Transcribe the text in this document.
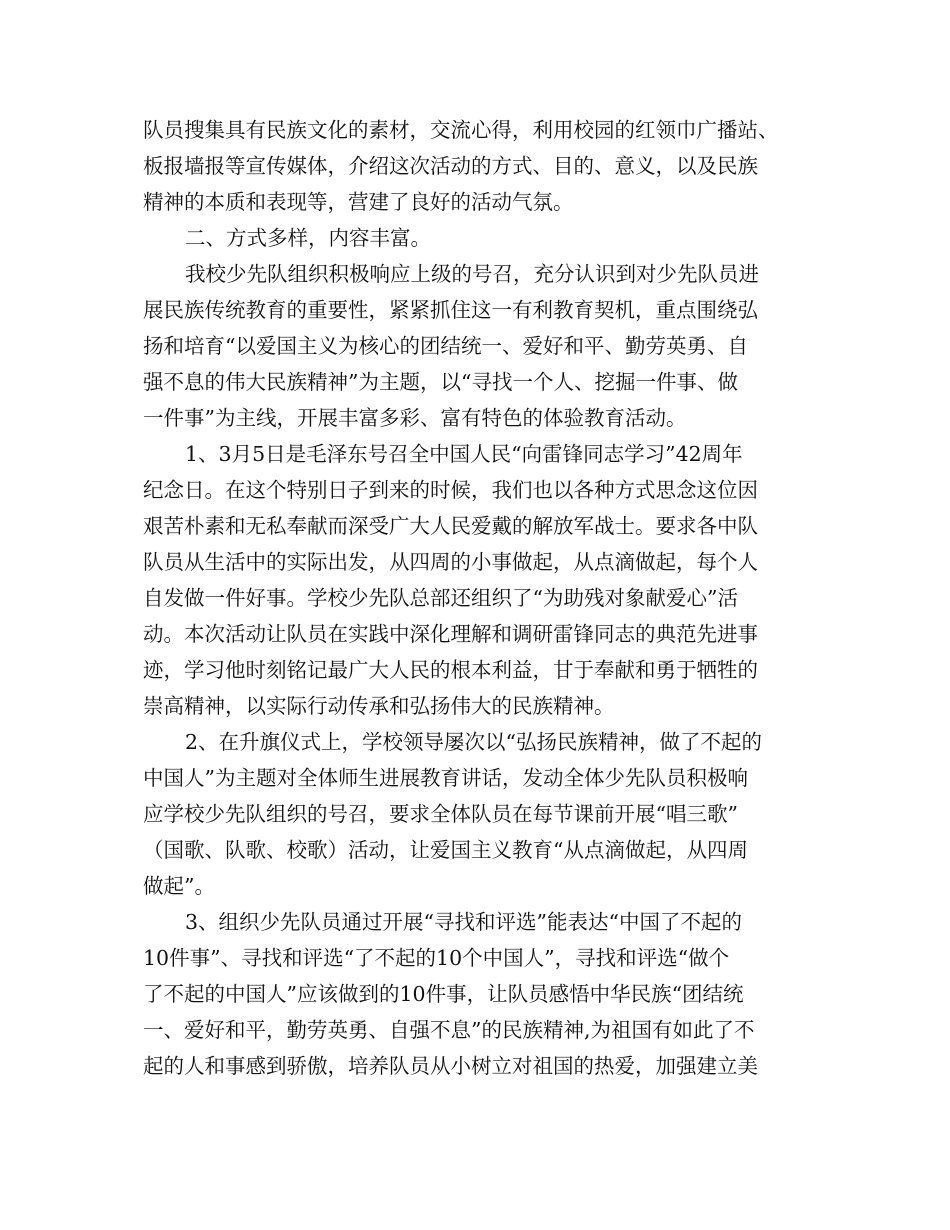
队员搜集具有民族文化的素材，交流心得，利用校园的红领巾广播站、
板报墙报等宣传媒体，介绍这次活动的方式、目的、意义，以及民族
精神的本质和表现等，营建了良好的活动气氛。
二、方式多样，内容丰富。
我校少先队组织积极响应上级的号召，充分认识到对少先队员进
展民族传统教育的重要性，紧紧抓住这一有利教育契机，重点围绕弘
扬和培育“以爱国主义为核心的团结统一、爱好和平、勤劳英勇、自
强不息的伟大民族精神”为主题，以“寻找一个人、挖掘一件事、做
一件事”为主线，开展丰富多彩、富有特色的体验教育活动。
1、3月5日是毛泽东号召全中国人民“向雷锋同志学习”42周年
纪念日。在这个特别日子到来的时候，我们也以各种方式思念这位因
艰苦朴素和无私奉献而深受广大人民爱戴的解放军战士。要求各中队
队员从生活中的实际出发，从四周的小事做起，从点滴做起，每个人
自发做一件好事。学校少先队总部还组织了“为助残对象献爱心”活
动。本次活动让队员在实践中深化理解和调研雷锋同志的典范先进事
迹，学习他时刻铭记最广大人民的根本利益，甘于奉献和勇于牺牲的
崇高精神，以实际行动传承和弘扬伟大的民族精神。
2、在升旗仪式上，学校领导屡次以“弘扬民族精神，做了不起的
中国人”为主题对全体师生进展教育讲话，发动全体少先队员积极响
应学校少先队组织的号召，要求全体队员在每节课前开展“唱三歌”
（国歌、队歌、校歌）活动，让爱国主义教育“从点滴做起，从四周
做起”。
3、组织少先队员通过开展“寻找和评选”能表达“中国了不起的
10件事”、寻找和评选“了不起的10个中国人”，寻找和评选“做个
了不起的中国人”应该做到的10件事，让队员感悟中华民族“团结统
一、爱好和平，勤劳英勇、自强不息”的民族精神,为祖国有如此了不
起的人和事感到骄傲，培养队员从小树立对祖国的热爱，加强建立美
